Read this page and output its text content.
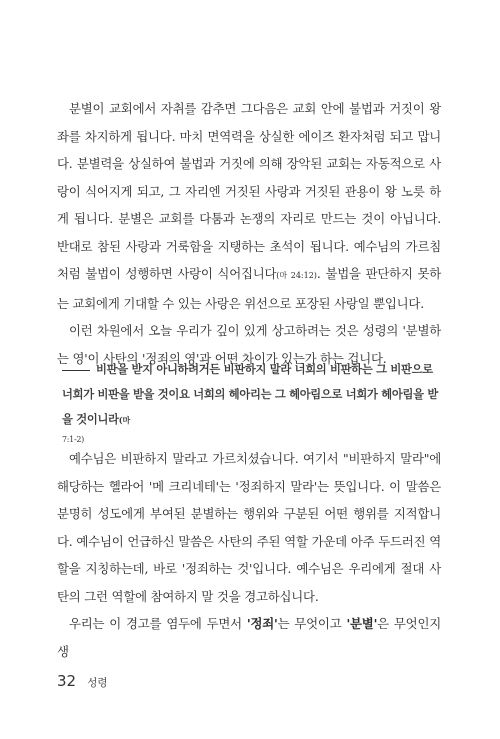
분별이 교회에서 자취를 감추면 그다음은 교회 안에 불법과 거짓이 왕좌를 차지하게 됩니다. 마치 면역력을 상실한 에이즈 환자처럼 되고 맙니다. 분별력을 상실하여 불법과 거짓에 의해 장악된 교회는 자동적으로 사랑이 식어지게 되고, 그 자리엔 거짓된 사랑과 거짓된 관용이 왕 노릇 하게 됩니다. 분별은 교회를 다툼과 논쟁의 자리로 만드는 것이 아닙니다. 반대로 참된 사랑과 거룩함을 지탱하는 초석이 됩니다. 예수님의 가르침처럼 불법이 성행하면 사랑이 식어집니다(마 24:12). 불법을 판단하지 못하는 교회에게 기대할 수 있는 사랑은 위선으로 포장된 사랑일 뿐입니다.

이런 차원에서 오늘 우리가 깊이 있게 상고하려는 것은 성령의 '분별하는 영'이 사탄의 '정죄의 영'과 어떤 차이가 있는가 하는 겁니다.

비판을 받지 아니하려거든 비판하지 말라 너희의 비판하는 그 비판으로 너희가 비판을 받을 것이요 너희의 헤아리는 그 헤아림으로 너희가 헤아림을 받을 것이니라(마
7:1-2)

예수님은 비판하지 말라고 가르치셨습니다. 여기서 "비판하지 말라"에 해당하는 헬라어 '메 크리네테'는 '정죄하지 말라'는 뜻입니다. 이 말씀은 분명히 성도에게 부여된 분별하는 행위와 구분된 어떤 행위를 지적합니다. 예수님이 언급하신 말씀은 사탄의 주된 역할 가운데 아주 두드러진 역할을 지칭하는데, 바로 '정죄하는 것'입니다. 예수님은 우리에게 절대 사탄의 그런 역할에 참여하지 말 것을 경고하십니다.

우리는 이 경고를 염두에 두면서 '정죄'는 무엇이고 '분별'은 무엇인지 생

32 성령
